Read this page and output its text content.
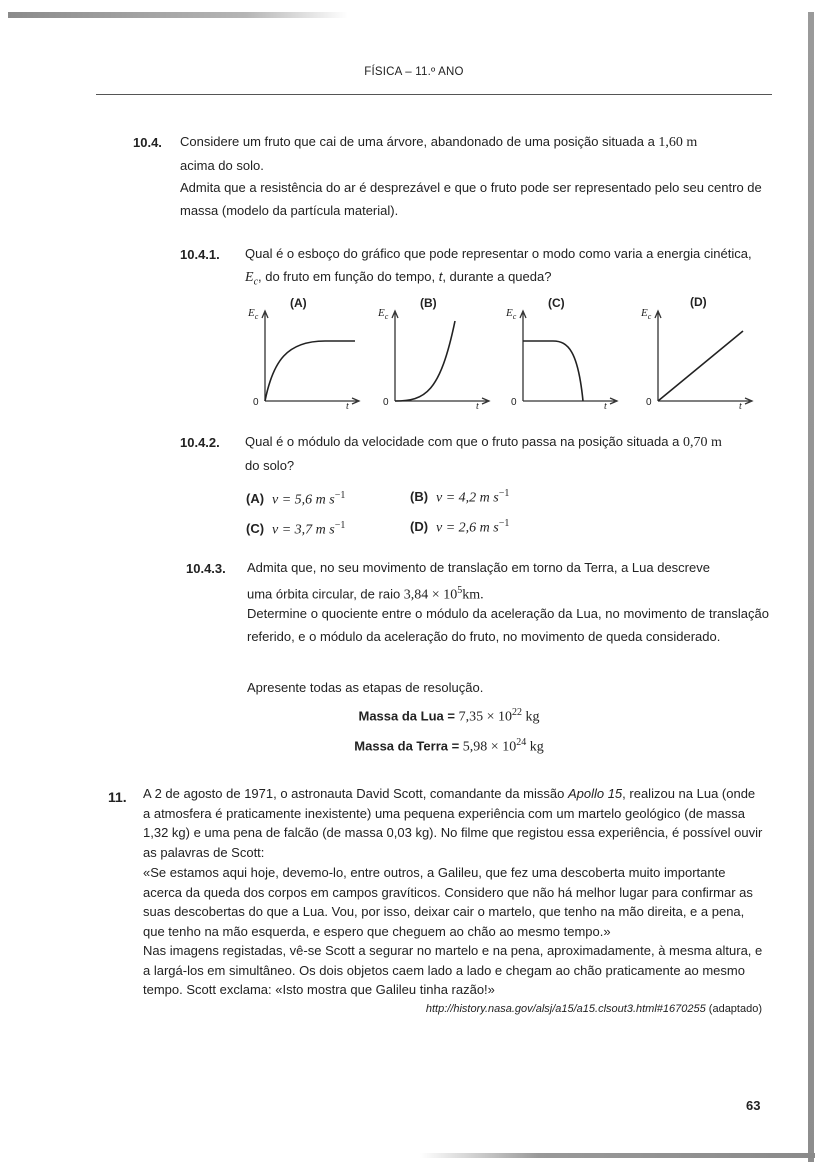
FÍSICA – 11.º ANO
10.4. Considere um fruto que cai de uma árvore, abandonado de uma posição situada a 1,60 m
acima do solo.
Admita que a resistência do ar é desprezável e que o fruto pode ser representado pelo seu centro de massa (modelo da partícula material).
10.4.1. Qual é o esboço do gráfico que pode representar o modo como varia a energia cinética, $E_c$, do fruto em função do tempo, t, durante a queda?
(A)
$E_c$
0	t
(B)
$E_c$
0	t
(C)
$E_c$
0	t
(D)
$E_c$
0	t
10.4.2. Qual é o módulo da velocidade com que o fruto passa na posição situada a 0,70 m
do solo?
(A) v = 5,6 m $s^{-1}$	(B) v = 4,2 m $s^{-1}$
(C) v = 3,7 m $s^{-1}$	(D) v = 2,6 m $s^{-1}$
10.4.3. Admita que, no seu movimento de translação em torno da Terra, a Lua descreve
uma órbita circular, de raio $3,84 \times 10^5km$.
Determine o quociente entre o módulo da aceleração da Lua, no movimento de translação referido, e o módulo da aceleração do fruto, no movimento de queda considerado.
Apresente todas as etapas de resolução.
Massa da Lua = $7,35 \times 10^{22}$ kg
Massa da Terra = $5,98 \times 10^{24}$ kg
11. A 2 de agosto de 1971, o astronauta David Scott, comandante da missão Apollo 15, realizou na Lua (onde a atmosfera é praticamente inexistente) uma pequena experiência com um martelo geológico (de massa 1,32 kg) e uma pena de falcão (de massa 0,03 kg). No filme que registou essa experiência, é possível ouvir as palavras de Scott:
«Se estamos aqui hoje, devemo-lo, entre outros, a Galileu, que fez uma descoberta muito importante acerca da queda dos corpos em campos gravíticos. Considero que não há melhor lugar para confirmar as suas descobertas do que a Lua. Vou, por isso, deixar cair o martelo, que tenho na mão direita, e a pena, que tenho na mão esquerda, e espero que cheguem ao chão ao mesmo tempo.»
Nas imagens registadas, vê-se Scott a segurar no martelo e na pena, aproximadamente, à mesma altura, e a largá-los em simultâneo. Os dois objetos caem lado a lado e chegam ao chão praticamente ao mesmo tempo. Scott exclama: «Isto mostra que Galileu tinha razão!»
http://history.nasa.gov/alsj/a15/a15.clsout3.html#1670255 (adaptado)
63
